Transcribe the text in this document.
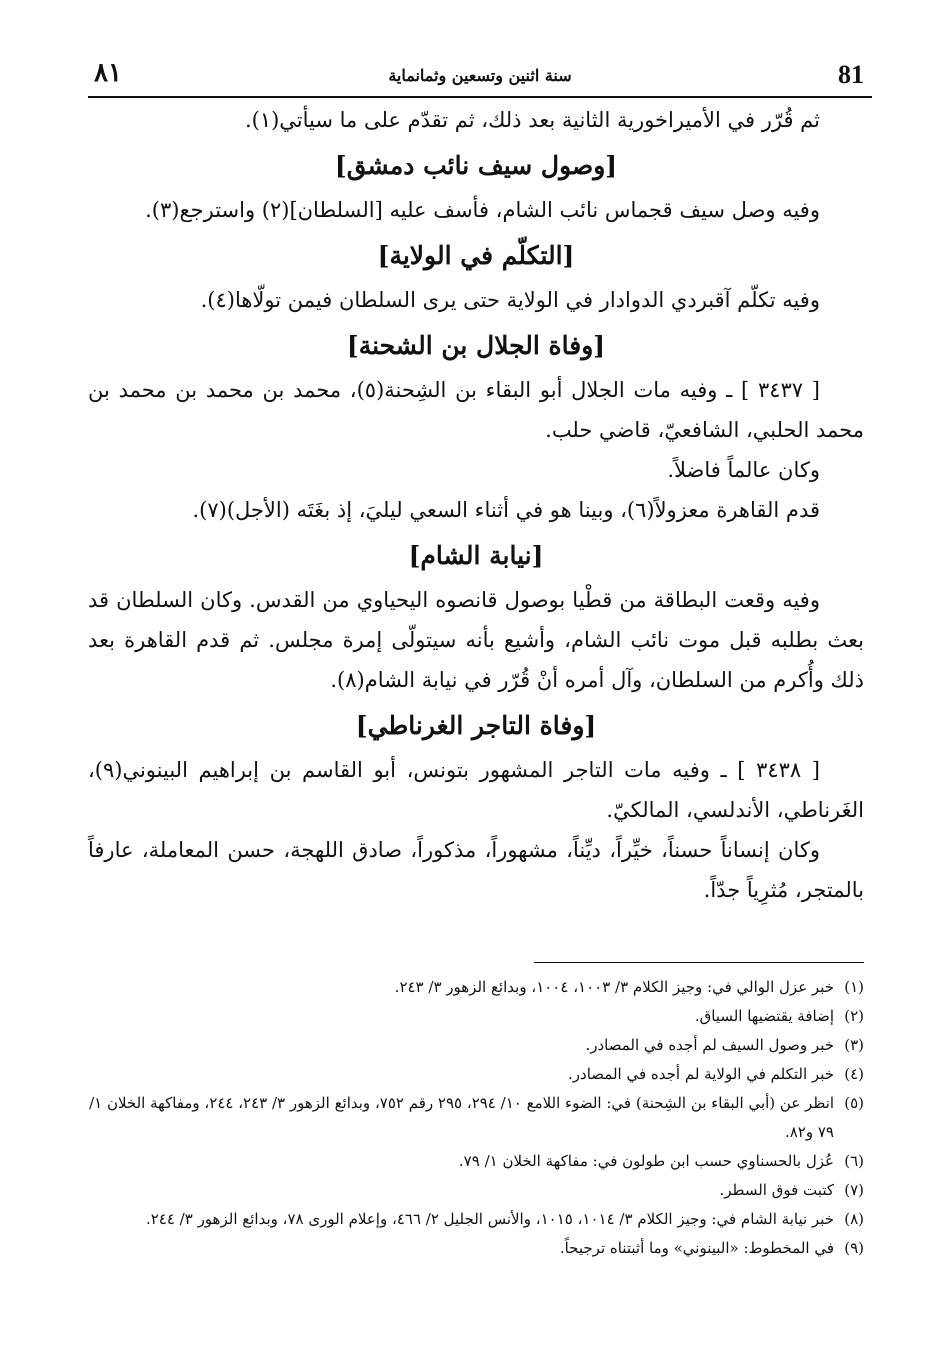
81
سنة اثنين وتسعين وثمانماية
٨١

ثم قُرّر في الأميراخورية الثانية بعد ذلك، ثم تقدّم على ما سيأتي(١).

[وصول سيف نائب دمشق]

وفيه وصل سيف قجماس نائب الشام، فأسف عليه [السلطان](٢) واسترجع(٣).

[التكلّم في الولاية]

وفيه تكلّم آقبردي الدوادار في الولاية حتى يرى السلطان فيمن تولّاها(٤).

[وفاة الجلال بن الشحنة]

[ ٣٤٣٧ ] ـ وفيه مات الجلال أبو البقاء بن الشِحنة(٥)، محمد بن محمد بن محمد بن محمد الحلبي، الشافعيّ، قاضي حلب.

وكان عالماً فاضلاً.

قدم القاهرة معزولاً(٦)، وبينا هو في أثناء السعي ليليَ، إذ بغَتَه (الأجل)(٧).

[نيابة الشام]

وفيه وقعت البطاقة من قطْيا بوصول قانصوه اليحياوي من القدس. وكان السلطان قد بعث بطلبه قبل موت نائب الشام، وأشيع بأنه سيتولّى إمرة مجلس. ثم قدم القاهرة بعد ذلك وأُكرم من السلطان، وآل أمره أنْ قُرّر في نيابة الشام(٨).

[وفاة التاجر الغرناطي]

[ ٣٤٣٨ ] ـ وفيه مات التاجر المشهور بتونس، أبو القاسم بن إبراهيم البينوني(٩)، الغَرناطي، الأندلسي، المالكيّ.

وكان إنساناً حسناً، خيِّراً، ديِّناً، مشهوراً، مذكوراً، صادق اللهجة، حسن المعاملة، عارفاً بالمتجر، مُثرِياً جدّاً.

(١)
خبر عزل الوالي في: وجيز الكلام ٣/ ١٠٠٣، ١٠٠٤، وبدائع الزهور ٣/ ٢٤٣.

(٢)
إضافة يقتضيها السياق.

(٣)
خبر وصول السيف لم أجده في المصادر.

(٤)
خبر التكلم في الولاية لم أجده في المصادر.

(٥)
انظر عن (أبي البقاء بن الشِحنة) في: الضوء اللامع ١٠/ ٢٩٤، ٢٩٥ رقم ٧٥٢، وبدائع الزهور ٣/ ٢٤٣، ٢٤٤، ومفاكهة الخلان ١/ ٧٩ و٨٢.

(٦)
عُزل بالحسناوي حسب ابن طولون في: مفاكهة الخلان ١/ ٧٩.

(٧)
كتبت فوق السطر.

(٨)
خبر نيابة الشام في: وجيز الكلام ٣/ ١٠١٤، ١٠١٥، والأنس الجليل ٢/ ٤٦٦، وإعلام الورى ٧٨، وبدائع الزهور ٣/ ٢٤٤.

(٩)
في المخطوط: «البينوني» وما أثبتناه ترجيحاً.
